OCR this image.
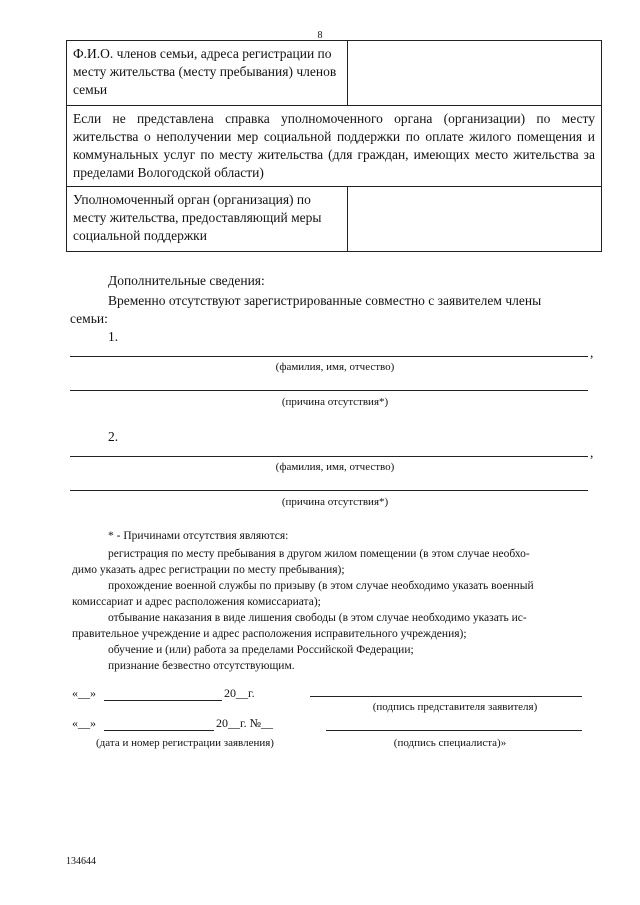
8
Ф.И.О. членов семьи, адреса регистрации по месту жительства (месту пребывания) членов семьи	
Если не представлена справка уполномоченного органа (организации) по месту жительства о неполучении мер социальной поддержки по оплате жилого помещения и коммунальных услуг по месту жительства (для граждан, имеющих место жительства за пределами Вологодской области)	
Уполномоченный орган (организация) по месту жительства, предоставляющий меры социальной поддержки	
Дополнительные сведения:
Временно отсутствуют зарегистрированные совместно с заявителем члены
семьи:
1.
,
(фамилия, имя, отчество)
(причина отсутствия*)
2.
,
(фамилия, имя, отчество)
(причина отсутствия*)
* - Причинами отсутствия являются:
регистрация по месту пребывания в другом жилом помещении (в этом случае необхо-
димо указать адрес регистрации по месту пребывания);
прохождение военной службы по призыву (в этом случае необходимо указать военный
комиссариат и адрес расположения комиссариата);
отбывание наказания в виде лишения свободы (в этом случае необходимо указать ис-
правительное учреждение и адрес расположения исправительного учреждения);
обучение и (или) работа за пределами Российской Федерации;
признание безвестно отсутствующим.
«__»	20__г.
(подпись представителя заявителя)
«__»	20__г. №__
(дата и номер регистрации заявления)	(подпись специалиста)»
134644
